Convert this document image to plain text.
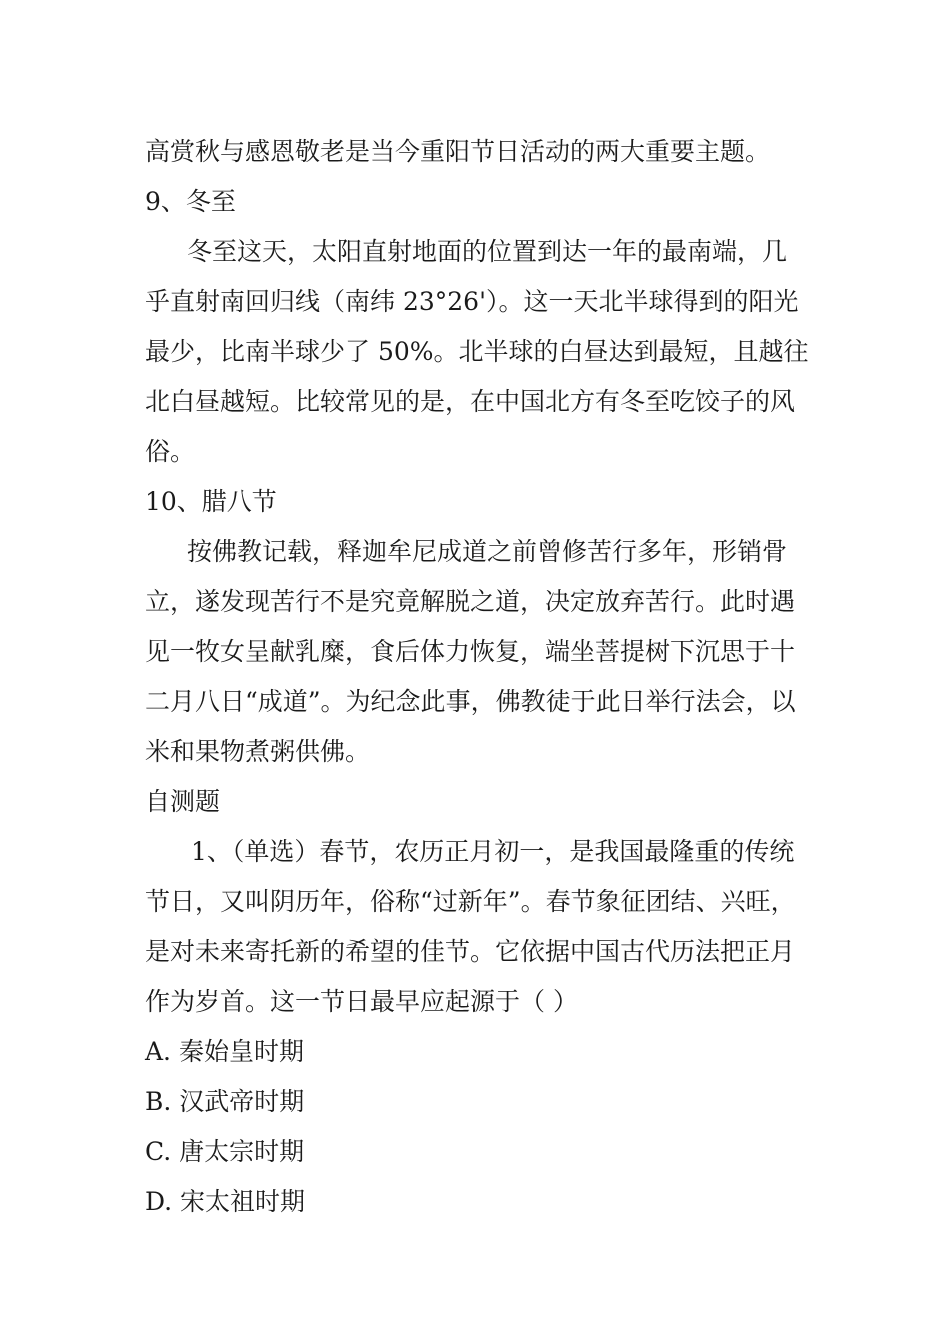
高赏秋与感恩敬老是当今重阳节日活动的两大重要主题。

9、冬至

冬至这天，太阳直射地面的位置到达一年的最南端，几乎直射南回归线（南纬 23°26'）。这一天北半球得到的阳光最少，比南半球少了 50%。北半球的白昼达到最短，且越往北白昼越短。比较常见的是，在中国北方有冬至吃饺子的风俗。

10、腊八节

按佛教记载，释迦牟尼成道之前曾修苦行多年，形销骨立，遂发现苦行不是究竟解脱之道，决定放弃苦行。此时遇见一牧女呈献乳糜，食后体力恢复，端坐菩提树下沉思于十二月八日“成道”。为纪念此事，佛教徒于此日举行法会，以米和果物煮粥供佛。

自测题

1、（单选）春节，农历正月初一，是我国最隆重的传统节日，又叫阴历年，俗称“过新年”。春节象征团结、兴旺，是对未来寄托新的希望的佳节。它依据中国古代历法把正月作为岁首。这一节日最早应起源于（ ）

A. 秦始皇时期

B. 汉武帝时期

C. 唐太宗时期

D. 宋太祖时期
